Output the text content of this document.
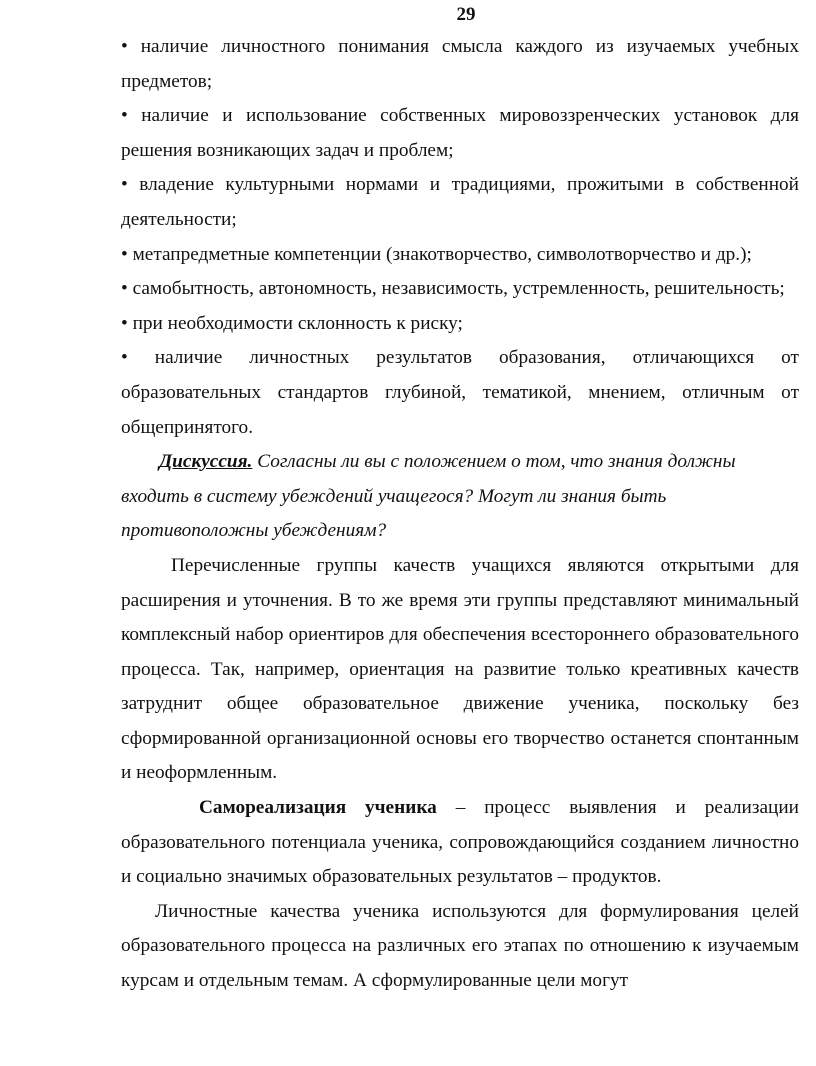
29

• наличие личностного понимания смысла каждого из изучаемых учебных предметов;

• наличие и использование собственных мировоззренческих установок для решения возникающих задач и проблем;

• владение культурными нормами и традициями, прожитыми в собственной деятельности;

• метапредметные компетенции (знакотворчество, символотворчество и др.);

• самобытность, автономность, независимость, устремленность, решительность;

• при необходимости склонность к риску;

• наличие личностных результатов образования, отличающихся от образовательных стандартов глубиной, тематикой, мнением, отличным от общепринятого.

Дискуссия. Согласны ли вы с положением о том, что знания должны входить в систему убеждений учащегося? Могут ли знания быть противоположны убеждениям?

Перечисленные группы качеств учащихся являются открытыми для расширения и уточнения. В то же время эти группы представляют минимальный комплексный набор ориентиров для обеспечения всестороннего образовательного процесса. Так, например, ориентация на развитие только креативных качеств затруднит общее образовательное движение ученика, поскольку без сформированной организационной основы его творчество останется спонтанным и неоформленным.

Самореализация ученика – процесс выявления и реализации образовательного потенциала ученика, сопровождающийся созданием личностно и социально значимых образовательных результатов – продуктов.

Личностные качества ученика используются для формулирования целей образовательного процесса на различных его этапах по отношению к изучаемым курсам и отдельным темам. А сформулированные цели могут
